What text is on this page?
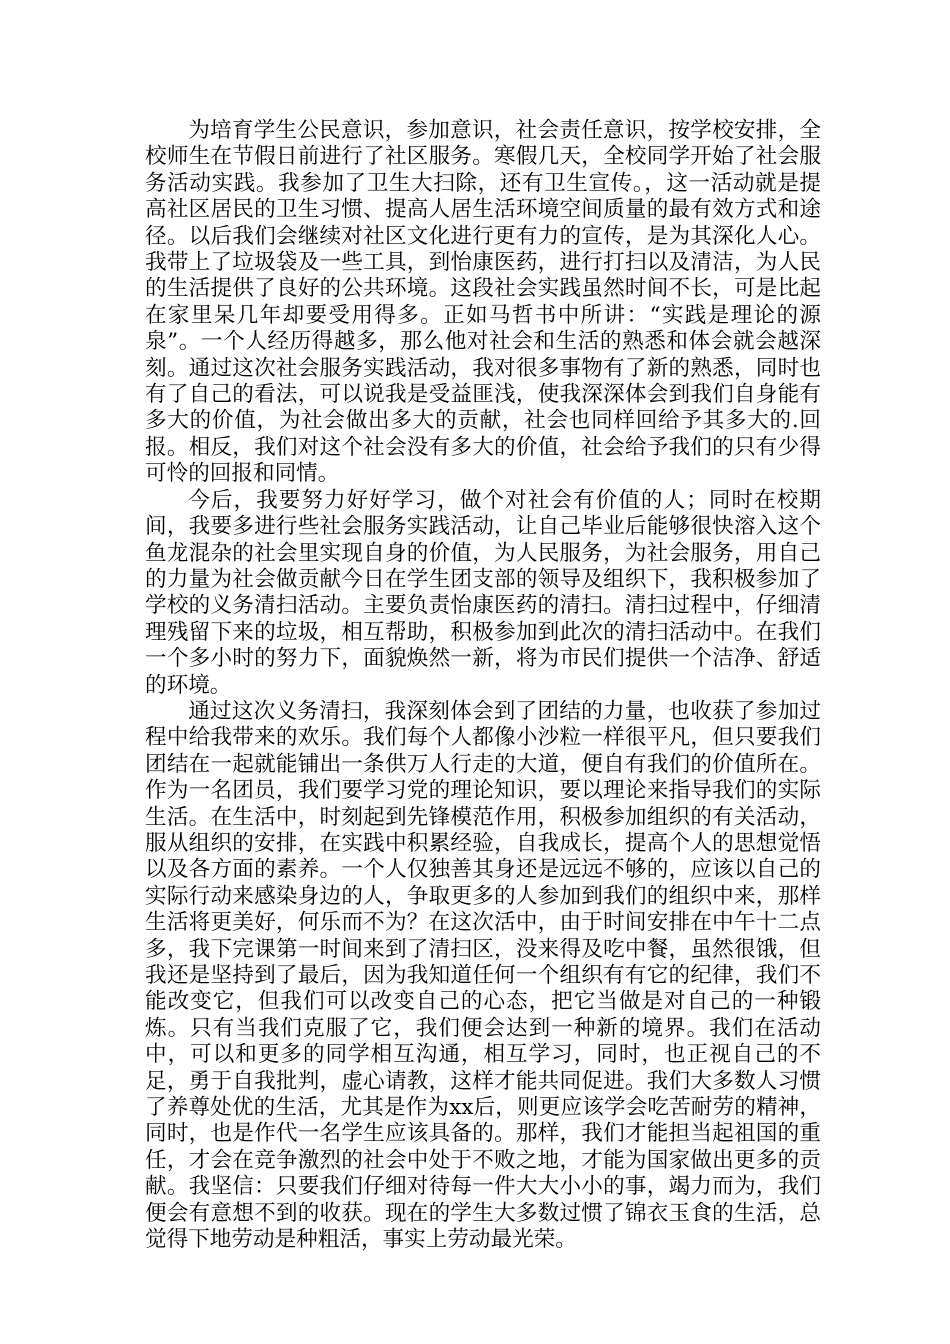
为培育学生公民意识，参加意识，社会责任意识，按学校安排，全校师生在节假日前进行了社区服务。寒假几天，全校同学开始了社会服务活动实践。我参加了卫生大扫除，还有卫生宣传。，这一活动就是提高社区居民的卫生习惯、提高人居生活环境空间质量的最有效方式和途径。以后我们会继续对社区文化进行更有力的宣传，是为其深化人心。我带上了垃圾袋及一些工具，到怡康医药，进行打扫以及清洁，为人民的生活提供了良好的公共环境。这段社会实践虽然时间不长，可是比起在家里呆几年却要受用得多。正如马哲书中所讲：“实践是理论的源泉”。一个人经历得越多，那么他对社会和生活的熟悉和体会就会越深刻。通过这次社会服务实践活动，我对很多事物有了新的熟悉，同时也有了自己的看法，可以说我是受益匪浅，使我深深体会到我们自身能有多大的价值，为社会做出多大的贡献，社会也同样回给予其多大的.回报。相反，我们对这个社会没有多大的价值，社会给予我们的只有少得可怜的回报和同情。

今后，我要努力好好学习，做个对社会有价值的人；同时在校期间，我要多进行些社会服务实践活动，让自己毕业后能够很快溶入这个鱼龙混杂的社会里实现自身的价值，为人民服务，为社会服务，用自己的力量为社会做贡献今日在学生团支部的领导及组织下，我积极参加了学校的义务清扫活动。主要负责怡康医药的清扫。清扫过程中，仔细清理残留下来的垃圾，相互帮助，积极参加到此次的清扫活动中。在我们一个多小时的努力下，面貌焕然一新，将为市民们提供一个洁净、舒适的环境。

通过这次义务清扫，我深刻体会到了团结的力量，也收获了参加过程中给我带来的欢乐。我们每个人都像小沙粒一样很平凡，但只要我们团结在一起就能铺出一条供万人行走的大道，便自有我们的价值所在。作为一名团员，我们要学习党的理论知识，要以理论来指导我们的实际生活。在生活中，时刻起到先锋模范作用，积极参加组织的有关活动，服从组织的安排，在实践中积累经验，自我成长，提高个人的思想觉悟以及各方面的素养。一个人仅独善其身还是远远不够的，应该以自己的实际行动来感染身边的人，争取更多的人参加到我们的组织中来，那样生活将更美好，何乐而不为？在这次活中，由于时间安排在中午十二点多，我下完课第一时间来到了清扫区，没来得及吃中餐，虽然很饿，但我还是坚持到了最后，因为我知道任何一个组织有有它的纪律，我们不能改变它，但我们可以改变自己的心态，把它当做是对自己的一种锻炼。只有当我们克服了它，我们便会达到一种新的境界。我们在活动中，可以和更多的同学相互沟通，相互学习，同时，也正视自己的不足，勇于自我批判，虚心请教，这样才能共同促进。我们大多数人习惯了养尊处优的生活，尤其是作为xx后，则更应该学会吃苦耐劳的精神，同时，也是作代一名学生应该具备的。那样，我们才能担当起祖国的重任，才会在竞争激烈的社会中处于不败之地，才能为国家做出更多的贡献。我坚信：只要我们仔细对待每一件大大小小的事，竭力而为，我们便会有意想不到的收获。现在的学生大多数过惯了锦衣玉食的生活，总觉得下地劳动是种粗活，事实上劳动最光荣。
